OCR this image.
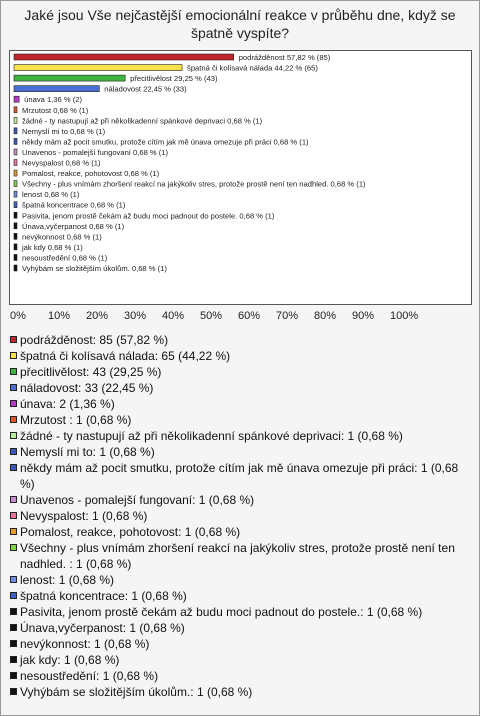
Jaké jsou Vše nejčastější emocionální reakce v průběhu dne, když se špatně vyspíte?
podrážděnost 57,82 % (85)
špatná či kolísavá nálada 44,22 % (65)
přecitlivělost 29,25 % (43)
náladovost 22,45 % (33)
únava 1,36 % (2)
Mrzutost 0,68 % (1)
žádné - ty nastupují až při několikadenní spánkové deprivaci 0,68 % (1)
Nemyslí mi to 0,68 % (1)
někdy mám až pocit smutku, protože cítím jak mě únava omezuje při práci 0,68 % (1)
Unavenos - pomalejší fungovaní 0,68 % (1)
Nevyspalost 0,68 % (1)
Pomalost, reakce, pohotovost 0,68 % (1)
Všechny - plus vnímám zhoršení reakcí na jakýkoliv stres, protože prostě není ten nadhled. 0,68 % (1)
lenost 0,68 % (1)
špatná koncentrace 0,68 % (1)
Pasivita, jenom prostě čekám až budu moci padnout do postele. 0,68 % (1)
Únava,vyčerpanost 0,68 % (1)
nevýkonnost 0,68 % (1)
jak kdy 0,68 % (1)
nesoustředění 0,68 % (1)
Vyhýbám se složitějším úkolům. 0,68 % (1)
0% 10% 20% 30% 40% 50% 60% 70% 80% 90% 100%
podrážděnost: 85 (57,82 %)
špatná či kolísavá nálada: 65 (44,22 %)
přecitlivělost: 43 (29,25 %)
náladovost: 33 (22,45 %)
únava: 2 (1,36 %)
Mrzutost : 1 (0,68 %)
žádné - ty nastupují až při několikadenní spánkové deprivaci: 1 (0,68 %)
Nemyslí mi to: 1 (0,68 %)
někdy mám až pocit smutku, protože cítím jak mě únava omezuje při práci: 1 (0,68 %)
Unavenos - pomalejší fungovaní: 1 (0,68 %)
Nevyspalost: 1 (0,68 %)
Pomalost, reakce, pohotovost: 1 (0,68 %)
Všechny - plus vnímám zhoršení reakcí na jakýkoliv stres, protože prostě není ten nadhled. : 1 (0,68 %)
lenost: 1 (0,68 %)
špatná koncentrace: 1 (0,68 %)
Pasivita, jenom prostě čekám až budu moci padnout do postele.: 1 (0,68 %)
Únava,vyčerpanost: 1 (0,68 %)
nevýkonnost: 1 (0,68 %)
jak kdy: 1 (0,68 %)
nesoustředění: 1 (0,68 %)
Vyhýbám se složitějším úkolům.: 1 (0,68 %)
